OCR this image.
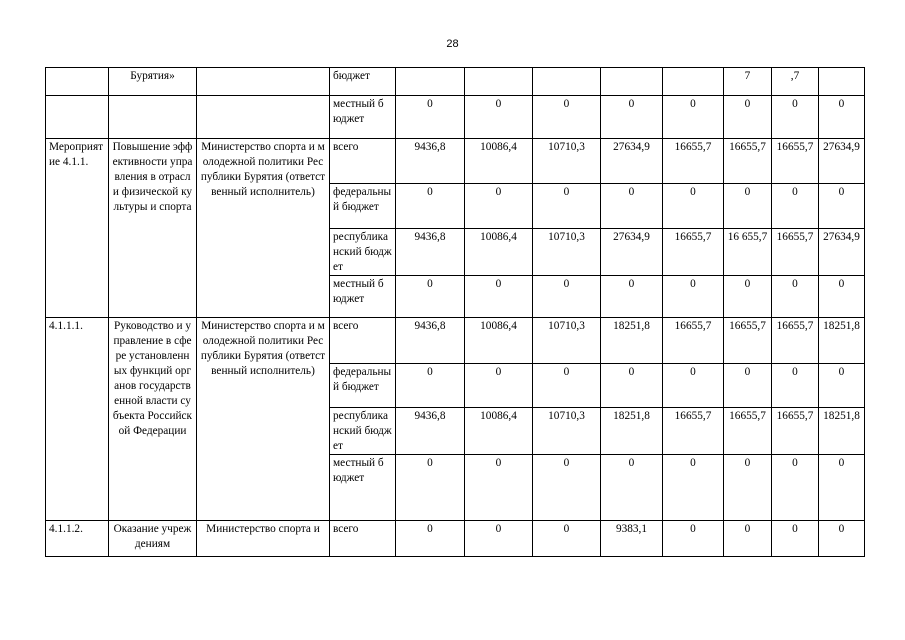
28
	Бурятия»		бюджет						7	,7	
			местный бюджет	0	0	0	0	0	0	0	0
Мероприятие 4.1.1.	Повышение эффективности управления в отрасли физической культуры и спорта	Министерство спорта и молодежной политики Республики Бурятия (ответственный исполнитель)	всего	9436,8	10086,4	10710,3	27634,9	16655,7	16655,7	16655,7	27634,9
			федеральный бюджет	0	0	0	0	0	0	0	0
			республиканский бюджет	9436,8	10086,4	10710,3	27634,9	16655,7	16 655,7	16655,7	27634,9
			местный бюджет	0	0	0	0	0	0	0	0
4.1.1.1.	Руководство и управление в сфере установленных функций органов государственной власти субъекта Российской Федерации	Министерство спорта и молодежной политики Республики Бурятия (ответственный исполнитель)	всего	9436,8	10086,4	10710,3	18251,8	16655,7	16655,7	16655,7	18251,8
			федеральный бюджет	0	0	0	0	0	0	0	0
			республиканский бюджет	9436,8	10086,4	10710,3	18251,8	16655,7	16655,7	16655,7	18251,8
			местный бюджет	0	0	0	0	0	0	0	0
4.1.1.2.	Оказание учреждениям	Министерство спорта и	всего	0	0	0	9383,1	0	0	0	0
